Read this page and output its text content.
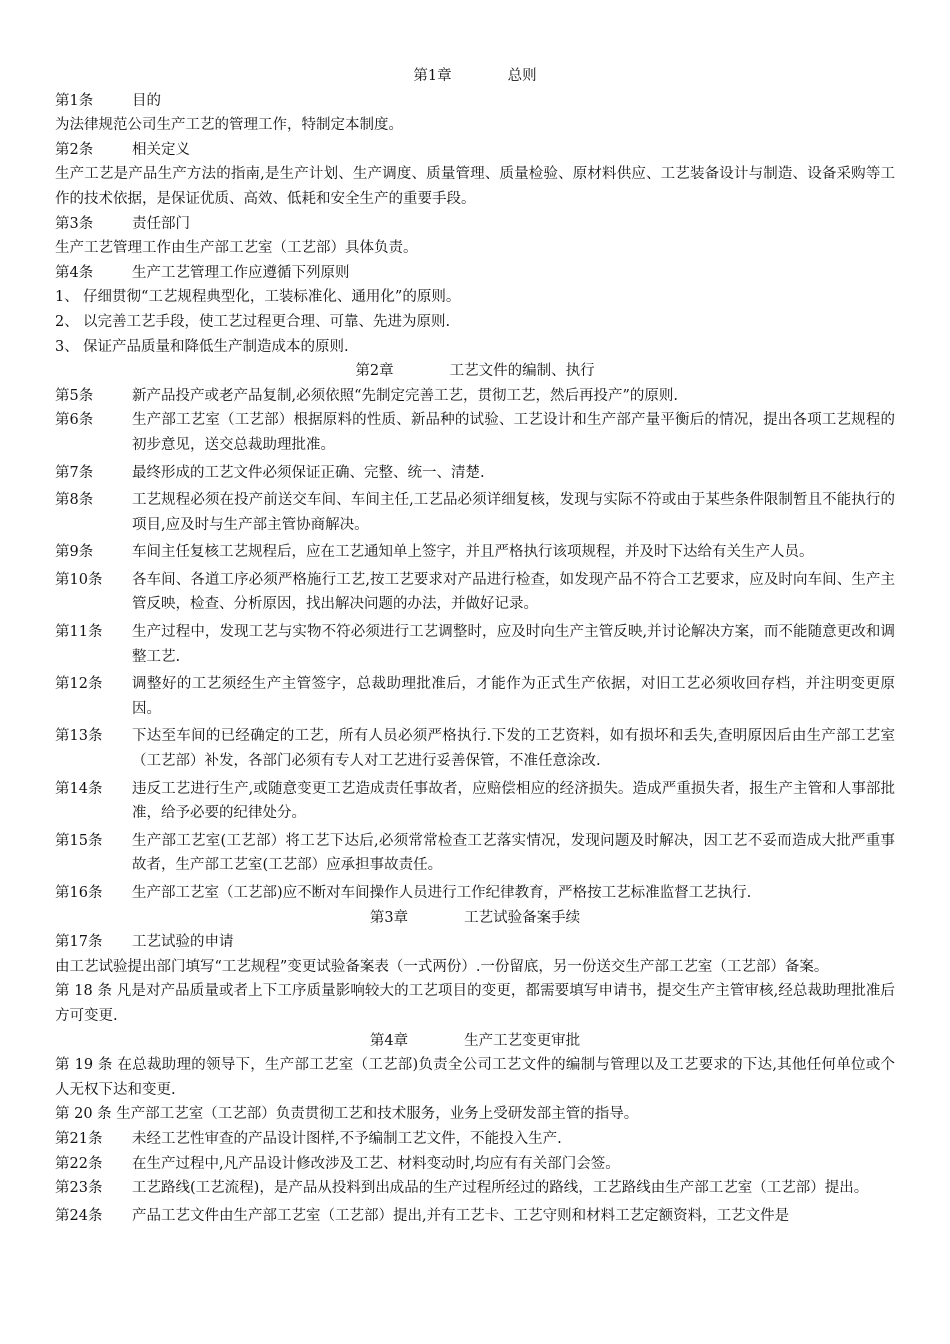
第1章	总则
第1条	目的

为法律规范公司生产工艺的管理工作，特制定本制度。

第2条	相关定义

生产工艺是产品生产方法的指南,是生产计划、生产调度、质量管理、质量检验、原材料供应、工艺装备设计与制造、设备采购等工作的技术依据，是保证优质、高效、低耗和安全生产的重要手段。

第3条	责任部门

生产工艺管理工作由生产部工艺室（工艺部）具体负责。

第4条	生产工艺管理工作应遵循下列原则
1、 仔细贯彻“工艺规程典型化，工装标准化、通用化”的原则。
2、 以完善工艺手段，使工艺过程更合理、可靠、先进为原则.
3、 保证产品质量和降低生产制造成本的原则.
第2章	工艺文件的编制、执行
第5条	新产品投产或老产品复制,必须依照“先制定完善工艺，贯彻工艺，然后再投产”的原则.
第6条	生产部工艺室（工艺部）根据原料的性质、新品种的试验、工艺设计和生产部产量平衡后的情况，提出各项工艺规程的初步意见，送交总裁助理批准。
第7条	最终形成的工艺文件必须保证正确、完整、统一、清楚.
第8条	工艺规程必须在投产前送交车间、车间主任,工艺品必须详细复核，发现与实际不符或由于某些条件限制暂且不能执行的项目,应及时与生产部主管协商解决。
第9条	车间主任复核工艺规程后，应在工艺通知单上签字，并且严格执行该项规程，并及时下达给有关生产人员。
第10条	各车间、各道工序必须严格施行工艺,按工艺要求对产品进行检查，如发现产品不符合工艺要求，应及时向车间、生产主管反映，检查、分析原因，找出解决问题的办法，并做好记录。
第11条	生产过程中，发现工艺与实物不符必须进行工艺调整时，应及时向生产主管反映,并讨论解决方案，而不能随意更改和调整工艺.
第12条	调整好的工艺须经生产主管签字，总裁助理批准后，才能作为正式生产依据，对旧工艺必须收回存档，并注明变更原因。
第13条	下达至车间的已经确定的工艺，所有人员必须严格执行.下发的工艺资料，如有损坏和丢失,查明原因后由生产部工艺室（工艺部）补发，各部门必须有专人对工艺进行妥善保管，不准任意涂改.
第14条	违反工艺进行生产,或随意变更工艺造成责任事故者，应赔偿相应的经济损失。造成严重损失者，报生产主管和人事部批准，给予必要的纪律处分。
第15条	生产部工艺室(工艺部）将工艺下达后,必须常常检查工艺落实情况，发现问题及时解决，因工艺不妥而造成大批严重事故者，生产部工艺室(工艺部）应承担事故责任。
第16条	生产部工艺室（工艺部)应不断对车间操作人员进行工作纪律教育，严格按工艺标准监督工艺执行.
第3章	工艺试验备案手续
第17条	工艺试验的申请

由工艺试验提出部门填写“工艺规程”变更试验备案表（一式两份）.一份留底，另一份送交生产部工艺室（工艺部）备案。

第 18 条 凡是对产品质量或者上下工序质量影响较大的工艺项目的变更，都需要填写申请书，提交生产主管审核,经总裁助理批准后方可变更.

第4章	生产工艺变更审批

第 19 条 在总裁助理的领导下，生产部工艺室（工艺部)负责全公司工艺文件的编制与管理以及工艺要求的下达,其他任何单位或个人无权下达和变更.

第 20 条 生产部工艺室（工艺部）负责贯彻工艺和技术服务，业务上受研发部主管的指导。

第21条	未经工艺性审查的产品设计图样,不予编制工艺文件，不能投入生产.
第22条	在生产过程中,凡产品设计修改涉及工艺、材料变动时,均应有有关部门会签。
第23条	工艺路线(工艺流程)，是产品从投料到出成品的生产过程所经过的路线，工艺路线由生产部工艺室（工艺部）提出。
第24条	产品工艺文件由生产部工艺室（工艺部）提出,并有工艺卡、工艺守则和材料工艺定额资料，工艺文件是
